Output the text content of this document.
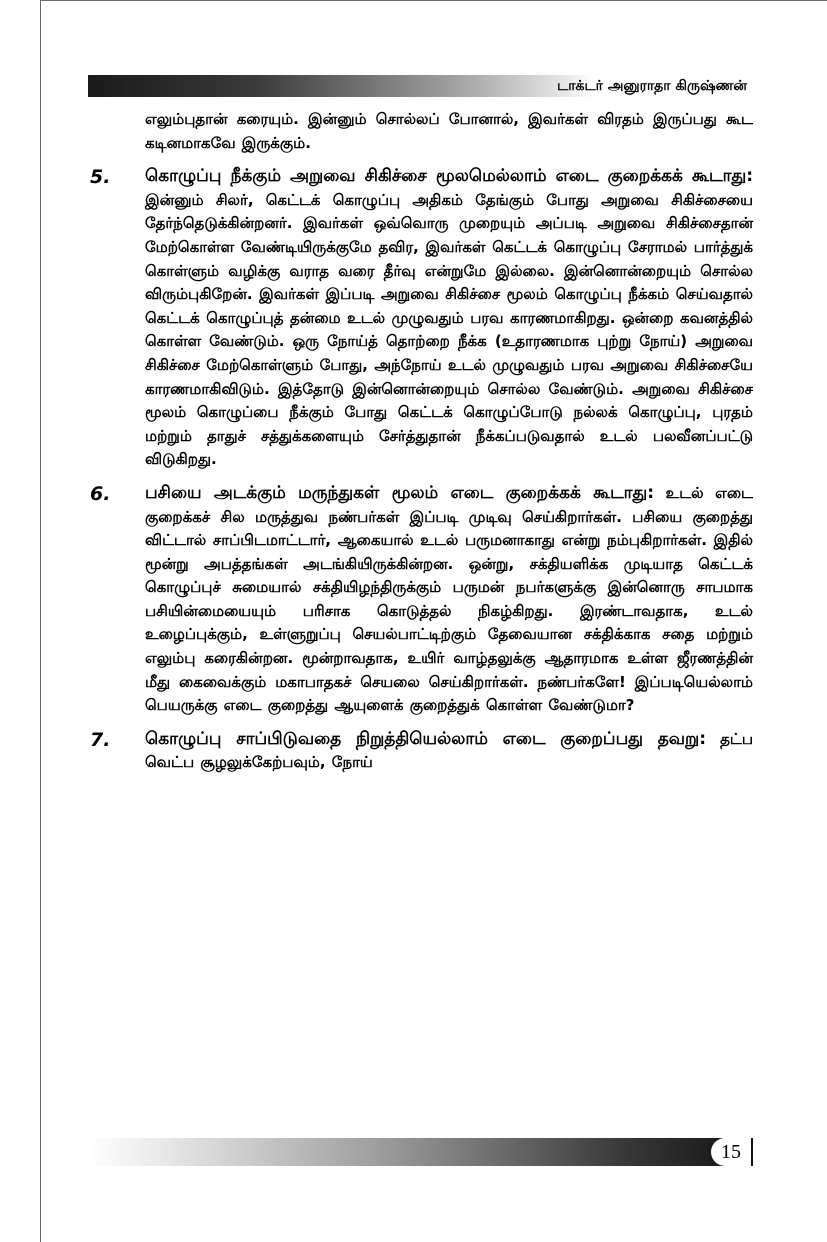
டாக்டர் அனுராதா கிருஷ்ணன்

எலும்புதான் கரையும். இன்னும் சொல்லப் போனால், இவர்கள் விரதம் இருப்பது கூட கடினமாகவே இருக்கும்.

5.	கொழுப்பு நீக்கும் அறுவை சிகிச்சை மூலமெல்லாம் எடை குறைக்கக் கூடாது: இன்னும் சிலர், கெட்டக் கொழுப்பு அதிகம் தேங்கும் போது அறுவை சிகிச்சையை தேர்ந்தெடுக்கின்றனர். இவர்கள் ஒவ்வொரு முறையும் அப்படி அறுவை சிகிச்சைதான் மேற்கொள்ள வேண்டியிருக்குமே தவிர, இவர்கள் கெட்டக் கொழுப்பு சேராமல் பார்த்துக் கொள்ளும் வழிக்கு வராத வரை தீர்வு என்றுமே இல்லை. இன்னொன்றையும் சொல்ல விரும்புகிறேன். இவர்கள் இப்படி அறுவை சிகிச்சை மூலம் கொழுப்பு நீக்கம் செய்வதால் கெட்டக் கொழுப்புத் தன்மை உடல் முழுவதும் பரவ காரணமாகிறது. ஒன்றை கவனத்தில் கொள்ள வேண்டும். ஒரு நோய்த் தொற்றை நீக்க (உதாரணமாக புற்று நோய்) அறுவை சிகிச்சை மேற்கொள்ளும் போது, அந்நோய் உடல் முழுவதும் பரவ அறுவை சிகிச்சையே காரணமாகிவிடும். இத்தோடு இன்னொன்றையும் சொல்ல வேண்டும். அறுவை சிகிச்சை மூலம் கொழுப்பை நீக்கும் போது கெட்டக் கொழுப்போடு நல்லக் கொழுப்பு, புரதம் மற்றும் தாதுச் சத்துக்களையும் சேர்த்துதான் நீக்கப்படுவதால் உடல் பலவீனப்பட்டு விடுகிறது.

6.	பசியை அடக்கும் மருந்துகள் மூலம் எடை குறைக்கக் கூடாது: உடல் எடை குறைக்கச் சில மருத்துவ நண்பர்கள் இப்படி முடிவு செய்கிறார்கள். பசியை குறைத்து விட்டால் சாப்பிடமாட்டார், ஆகையால் உடல் பருமனாகாது என்று நம்புகிறார்கள். இதில் மூன்று அபத்தங்கள் அடங்கியிருக்கின்றன. ஒன்று, சக்தியளிக்க முடியாத கெட்டக் கொழுப்புச் சுமையால் சக்தியிழந்திருக்கும் பருமன் நபர்களுக்கு இன்னொரு சாபமாக பசியின்மையையும் பரிசாக கொடுத்தல் நிகழ்கிறது. இரண்டாவதாக, உடல் உழைப்புக்கும், உள்ளுறுப்பு செயல்பாட்டிற்கும் தேவையான சக்திக்காக சதை மற்றும் எலும்பு கரைகின்றன. மூன்றாவதாக, உயிர் வாழ்தலுக்கு ஆதாரமாக உள்ள ஜீரணத்தின் மீது கைவைக்கும் மகாபாதகச் செயலை செய்கிறார்கள். நண்பர்களே! இப்படியெல்லாம் பெயருக்கு எடை குறைத்து ஆயுளைக் குறைத்துக் கொள்ள வேண்டுமா?

7.	கொழுப்பு சாப்பிடுவதை நிறுத்தியெல்லாம் எடை குறைப்பது தவறு: தட்ப வெட்ப சூழலுக்கேற்பவும், நோய்

15
